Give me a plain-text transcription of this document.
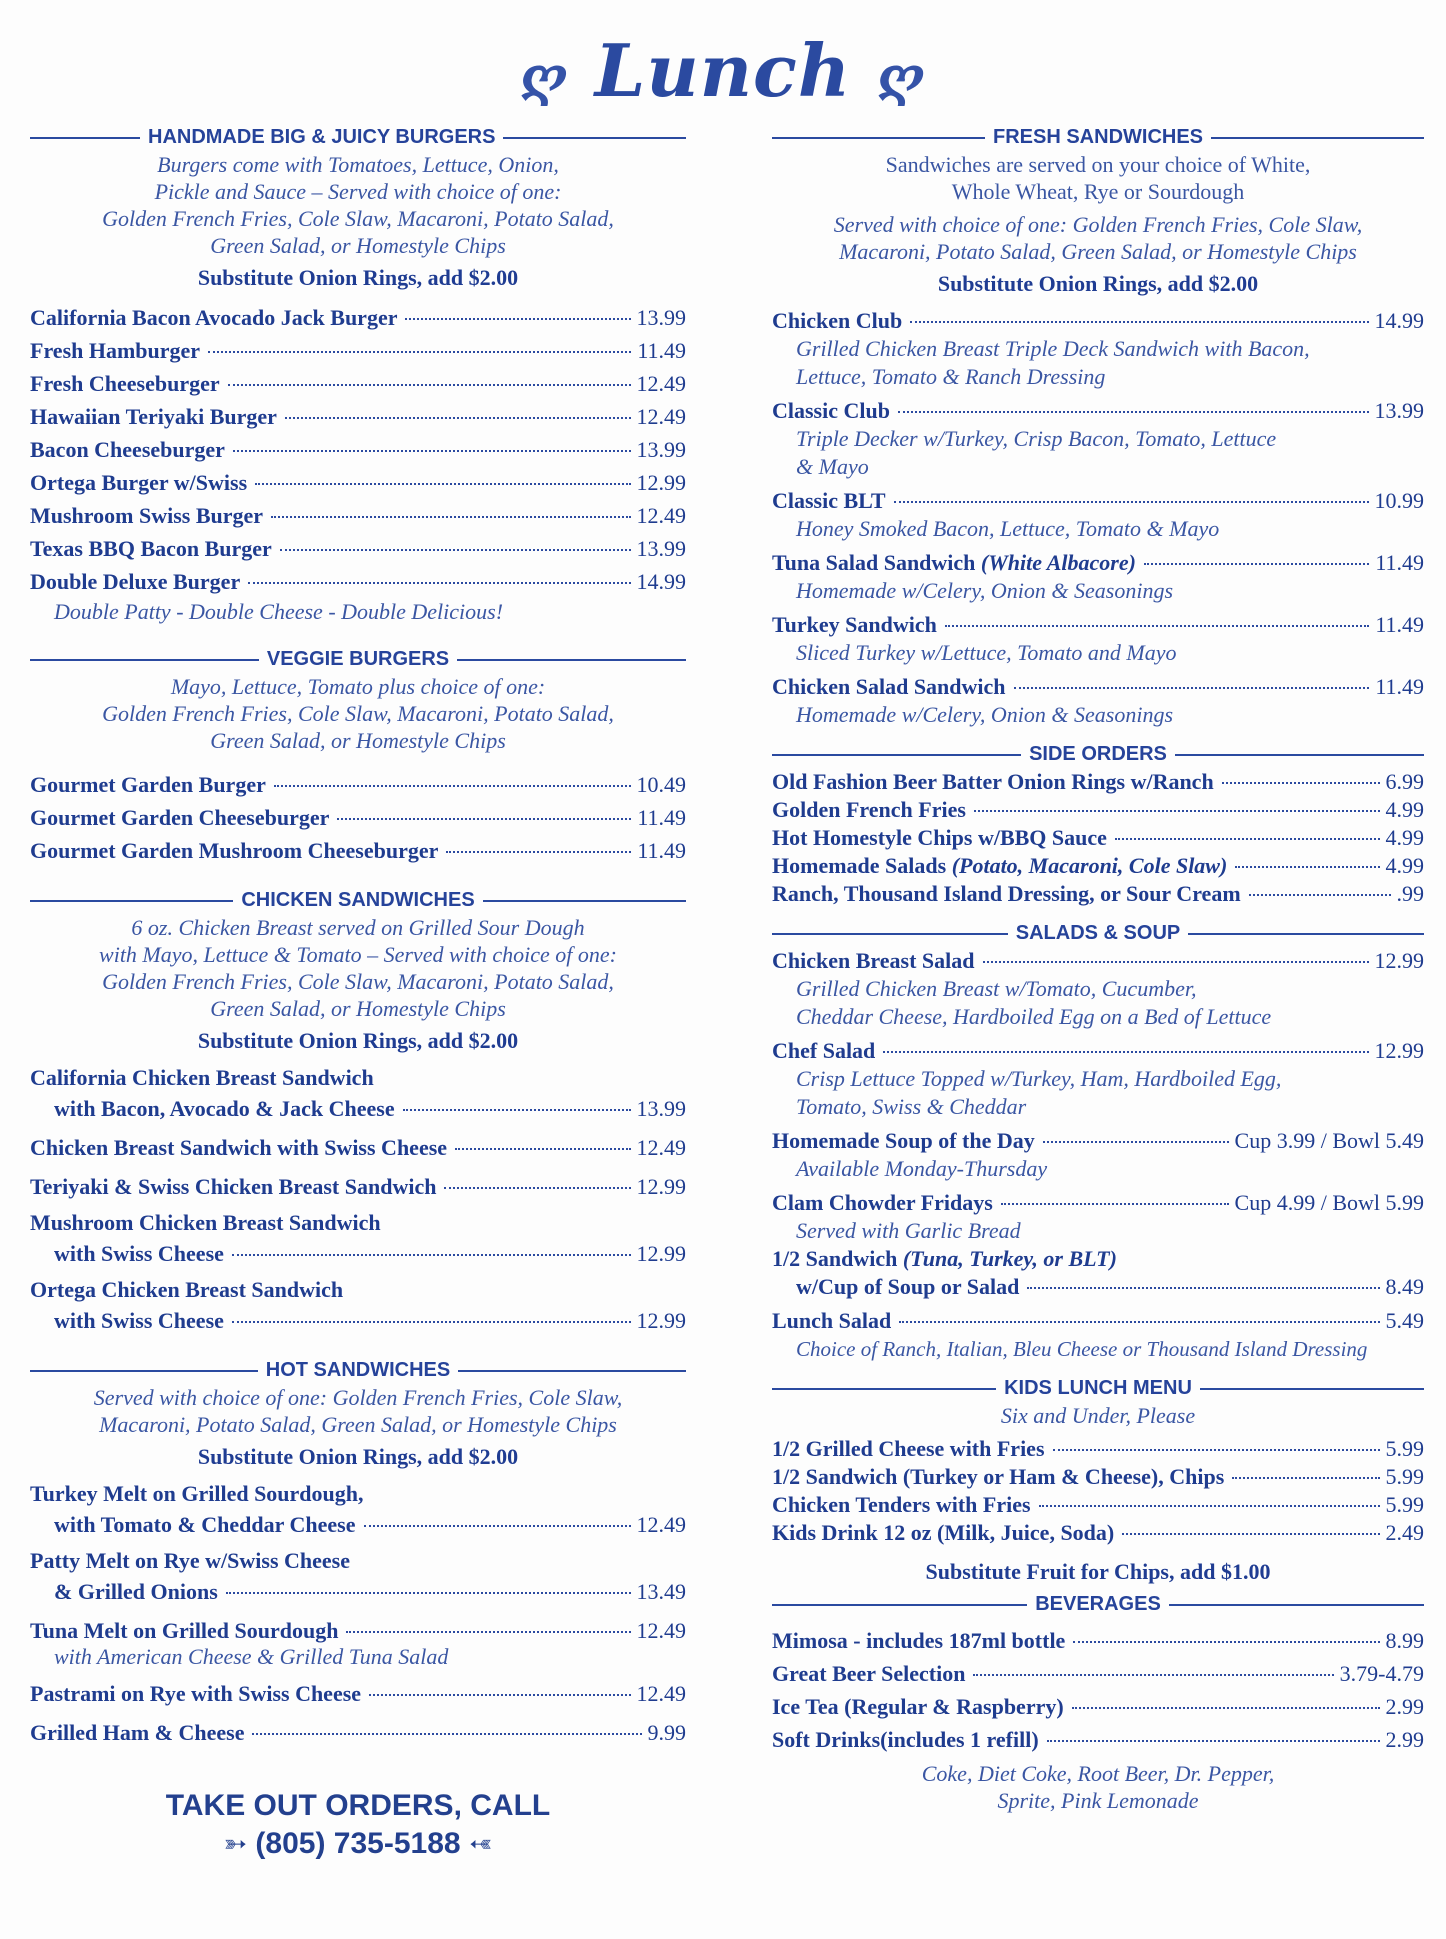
ღ Lunch ღ
HANDMADE BIG & JUICY BURGERS
Burgers come with Tomatoes, Lettuce, Onion,
Pickle and Sauce – Served with choice of one:
Golden French Fries, Cole Slaw, Macaroni, Potato Salad,
Green Salad, or Homestyle Chips
Substitute Onion Rings, add $2.00
California Bacon Avocado Jack Burger	13.99
Fresh Hamburger	11.49
Fresh Cheeseburger	12.49
Hawaiian Teriyaki Burger	12.49
Bacon Cheeseburger	13.99
Ortega Burger w/Swiss	12.99
Mushroom Swiss Burger	12.49
Texas BBQ Bacon Burger	13.99
Double Deluxe Burger	14.99
Double Patty - Double Cheese - Double Delicious!
VEGGIE BURGERS
Mayo, Lettuce, Tomato plus choice of one:
Golden French Fries, Cole Slaw, Macaroni, Potato Salad,
Green Salad, or Homestyle Chips
Gourmet Garden Burger	10.49
Gourmet Garden Cheeseburger	11.49
Gourmet Garden Mushroom Cheeseburger	11.49
CHICKEN SANDWICHES
6 oz. Chicken Breast served on Grilled Sour Dough
with Mayo, Lettuce & Tomato – Served with choice of one:
Golden French Fries, Cole Slaw, Macaroni, Potato Salad,
Green Salad, or Homestyle Chips
Substitute Onion Rings, add $2.00
California Chicken Breast Sandwich
with Bacon, Avocado & Jack Cheese	13.99
Chicken Breast Sandwich with Swiss Cheese	12.49
Teriyaki & Swiss Chicken Breast Sandwich	12.99
Mushroom Chicken Breast Sandwich
with Swiss Cheese	12.99
Ortega Chicken Breast Sandwich
with Swiss Cheese	12.99
HOT SANDWICHES
Served with choice of one: Golden French Fries, Cole Slaw,
Macaroni, Potato Salad, Green Salad, or Homestyle Chips
Substitute Onion Rings, add $2.00
Turkey Melt on Grilled Sourdough,
with Tomato & Cheddar Cheese	12.49
Patty Melt on Rye w/Swiss Cheese
& Grilled Onions	13.49
Tuna Melt on Grilled Sourdough	12.49
with American Cheese & Grilled Tuna Salad
Pastrami on Rye with Swiss Cheese	12.49
Grilled Ham & Cheese	9.99
TAKE OUT ORDERS, CALL
➳ (805) 735-5188 ➳
FRESH SANDWICHES
Sandwiches are served on your choice of White,
Whole Wheat, Rye or Sourdough
Served with choice of one: Golden French Fries, Cole Slaw,
Macaroni, Potato Salad, Green Salad, or Homestyle Chips
Substitute Onion Rings, add $2.00
Chicken Club	14.99
Grilled Chicken Breast Triple Deck Sandwich with Bacon,
Lettuce, Tomato & Ranch Dressing
Classic Club	13.99
Triple Decker w/Turkey, Crisp Bacon, Tomato, Lettuce
& Mayo
Classic BLT	10.99
Honey Smoked Bacon, Lettuce, Tomato & Mayo
Tuna Salad Sandwich (White Albacore)	11.49
Homemade w/Celery, Onion & Seasonings
Turkey Sandwich	11.49
Sliced Turkey w/Lettuce, Tomato and Mayo
Chicken Salad Sandwich	11.49
Homemade w/Celery, Onion & Seasonings
SIDE ORDERS
Old Fashion Beer Batter Onion Rings w/Ranch	6.99
Golden French Fries	4.99
Hot Homestyle Chips w/BBQ Sauce	4.99
Homemade Salads (Potato, Macaroni, Cole Slaw)	4.99
Ranch, Thousand Island Dressing, or Sour Cream	.99
SALADS & SOUP
Chicken Breast Salad	12.99
Grilled Chicken Breast w/Tomato, Cucumber,
Cheddar Cheese, Hardboiled Egg on a Bed of Lettuce
Chef Salad	12.99
Crisp Lettuce Topped w/Turkey, Ham, Hardboiled Egg,
Tomato, Swiss & Cheddar
Homemade Soup of the Day	Cup 3.99 / Bowl 5.49
Available Monday-Thursday
Clam Chowder Fridays	Cup 4.99 / Bowl 5.99
Served with Garlic Bread
1/2 Sandwich (Tuna, Turkey, or BLT)
w/Cup of Soup or Salad	8.49
Lunch Salad	5.49
Choice of Ranch, Italian, Bleu Cheese or Thousand Island Dressing
KIDS LUNCH MENU
Six and Under, Please
1/2 Grilled Cheese with Fries	5.99
1/2 Sandwich (Turkey or Ham & Cheese), Chips	5.99
Chicken Tenders with Fries	5.99
Kids Drink 12 oz (Milk, Juice, Soda)	2.49
Substitute Fruit for Chips, add $1.00
BEVERAGES
Mimosa - includes 187ml bottle	8.99
Great Beer Selection	3.79-4.79
Ice Tea (Regular & Raspberry)	2.99
Soft Drinks(includes 1 refill)	2.99
Coke, Diet Coke, Root Beer, Dr. Pepper,
Sprite, Pink Lemonade
